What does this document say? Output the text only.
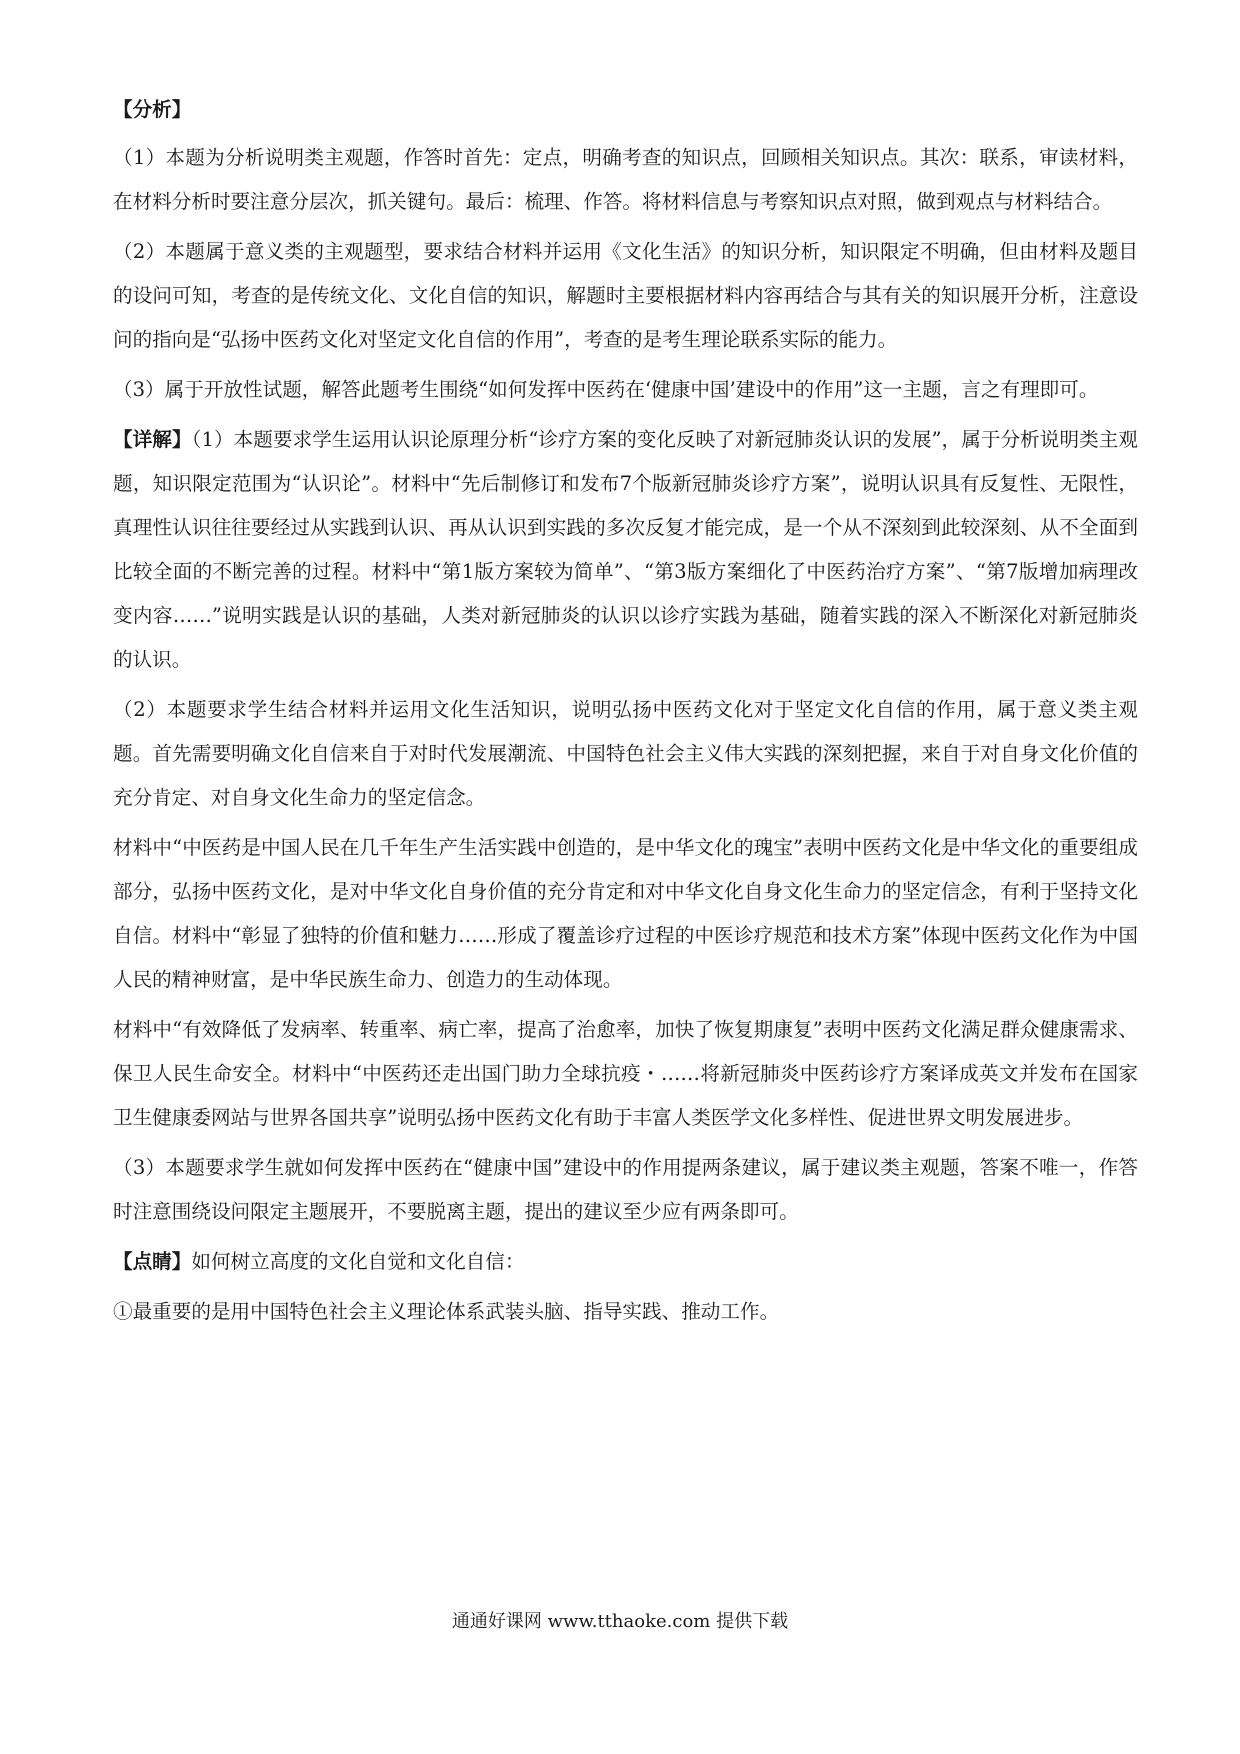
【分析】

（1）本题为分析说明类主观题，作答时首先：定点，明确考查的知识点，回顾相关知识点。其次：联系，审读材料，在材料分析时要注意分层次，抓关键句。最后：梳理、作答。将材料信息与考察知识点对照，做到观点与材料结合。

（2）本题属于意义类的主观题型，要求结合材料并运用《文化生活》的知识分析，知识限定不明确，但由材料及题目的设问可知，考查的是传统文化、文化自信的知识，解题时主要根据材料内容再结合与其有关的知识展开分析，注意设问的指向是“弘扬中医药文化对坚定文化自信的作用”，考查的是考生理论联系实际的能力。

（3）属于开放性试题，解答此题考生围绕“如何发挥中医药在‘健康中国’建设中的作用”这一主题，言之有理即可。

【详解】（1）本题要求学生运用认识论原理分析“诊疗方案的变化反映了对新冠肺炎认识的发展”，属于分析说明类主观题，知识限定范围为“认识论”。材料中“先后制修订和发布7个版新冠肺炎诊疗方案”，说明认识具有反复性、无限性，真理性认识往往要经过从实践到认识、再从认识到实践的多次反复才能完成，是一个从不深刻到此较深刻、从不全面到比较全面的不断完善的过程。材料中“第1版方案较为简单”、“第3版方案细化了中医药治疗方案”、“第7版增加病理改变内容……”说明实践是认识的基础，人类对新冠肺炎的认识以诊疗实践为基础，随着实践的深入不断深化对新冠肺炎的认识。

（2）本题要求学生结合材料并运用文化生活知识，说明弘扬中医药文化对于坚定文化自信的作用，属于意义类主观题。首先需要明确文化自信来自于对时代发展潮流、中国特色社会主义伟大实践的深刻把握，来自于对自身文化价值的充分肯定、对自身文化生命力的坚定信念。

材料中“中医药是中国人民在几千年生产生活实践中创造的，是中华文化的瑰宝”表明中医药文化是中华文化的重要组成部分，弘扬中医药文化，是对中华文化自身价值的充分肯定和对中华文化自身文化生命力的坚定信念，有利于坚持文化自信。材料中“彰显了独特的价值和魅力……形成了覆盖诊疗过程的中医诊疗规范和技术方案”体现中医药文化作为中国人民的精神财富，是中华民族生命力、创造力的生动体现。

材料中“有效降低了发病率、转重率、病亡率，提高了治愈率，加快了恢复期康复”表明中医药文化满足群众健康需求、保卫人民生命安全。材料中“中医药还走出国门助力全球抗疫・……将新冠肺炎中医药诊疗方案译成英文并发布在国家卫生健康委网站与世界各国共享”说明弘扬中医药文化有助于丰富人类医学文化多样性、促进世界文明发展进步。

（3）本题要求学生就如何发挥中医药在“健康中国”建设中的作用提两条建议，属于建议类主观题，答案不唯一，作答时注意围绕设问限定主题展开，不要脱离主题，提出的建议至少应有两条即可。

【点睛】如何树立高度的文化自觉和文化自信：

①最重要的是用中国特色社会主义理论体系武装头脑、指导实践、推动工作。

通通好课网 www.tthaoke.com 提供下载
